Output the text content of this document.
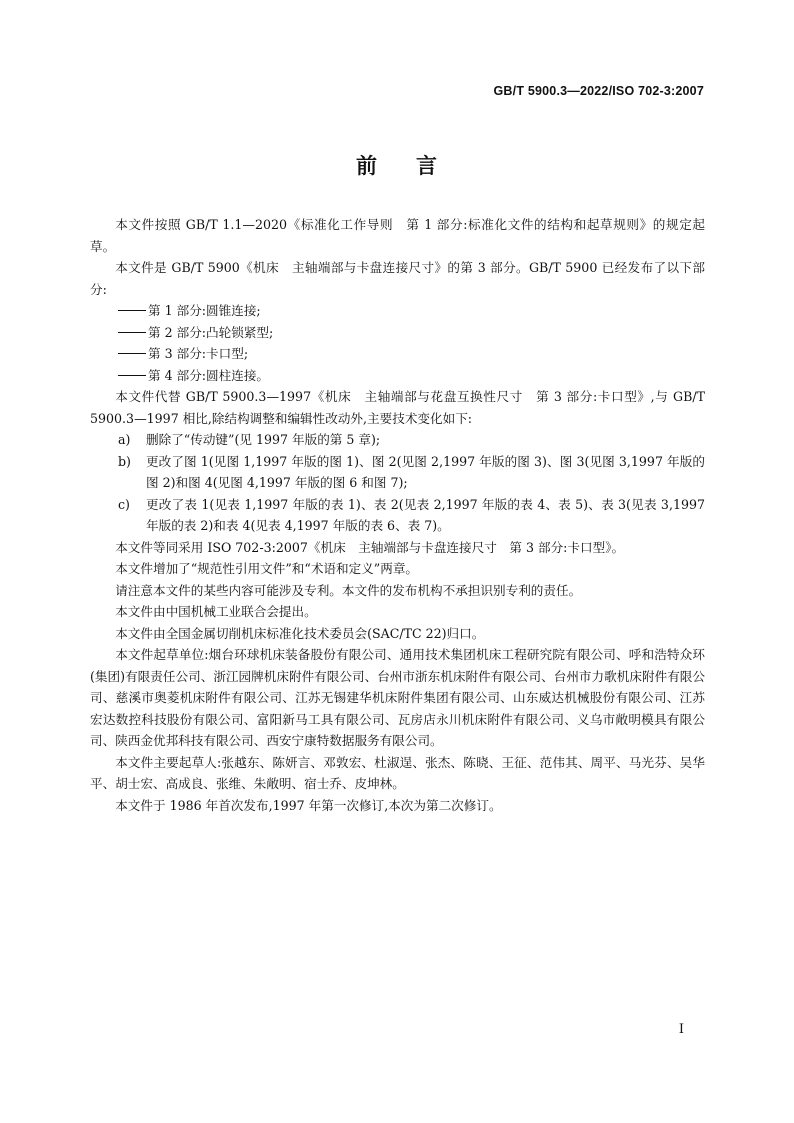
GB/T 5900.3—2022/ISO 702-3:2007
前 言

本文件按照 GB/T 1.1—2020《标准化工作导则　第 1 部分:标准化文件的结构和起草规则》的规定起草。

本文件是 GB/T 5900《机床　主轴端部与卡盘连接尺寸》的第 3 部分。GB/T 5900 已经发布了以下部分:

第 1 部分:圆锥连接;
第 2 部分:凸轮锁紧型;
第 3 部分:卡口型;
第 4 部分:圆柱连接。

本文件代替 GB/T 5900.3—1997《机床　主轴端部与花盘互换性尺寸　第 3 部分:卡口型》,与 GB/T 5900.3—1997 相比,除结构调整和编辑性改动外,主要技术变化如下:

a) 删除了“传动键”(见 1997 年版的第 5 章);
b) 更改了图 1(见图 1,1997 年版的图 1)、图 2(见图 2,1997 年版的图 3)、图 3(见图 3,1997 年版的图 2)和图 4(见图 4,1997 年版的图 6 和图 7);
c) 更改了表 1(见表 1,1997 年版的表 1)、表 2(见表 2,1997 年版的表 4、表 5)、表 3(见表 3,1997 年版的表 2)和表 4(见表 4,1997 年版的表 6、表 7)。

本文件等同采用 ISO 702-3:2007《机床　主轴端部与卡盘连接尺寸　第 3 部分:卡口型》。

本文件增加了“规范性引用文件”和“术语和定义”两章。

请注意本文件的某些内容可能涉及专利。本文件的发布机构不承担识别专利的责任。

本文件由中国机械工业联合会提出。

本文件由全国金属切削机床标准化技术委员会(SAC/TC 22)归口。

本文件起草单位:烟台环球机床装备股份有限公司、通用技术集团机床工程研究院有限公司、呼和浩特众环(集团)有限责任公司、浙江园牌机床附件有限公司、台州市浙东机床附件有限公司、台州市力歌机床附件有限公司、慈溪市奥菱机床附件有限公司、江苏无锡建华机床附件集团有限公司、山东威达机械股份有限公司、江苏宏达数控科技股份有限公司、富阳新马工具有限公司、瓦房店永川机床附件有限公司、义乌市敞明模具有限公司、陕西金优邦科技有限公司、西安宁康特数据服务有限公司。

本文件主要起草人:张越东、陈妍言、邓敦宏、杜淑逞、张杰、陈晓、王征、范伟其、周平、马光芬、吴华平、胡士宏、高成良、张维、朱敞明、宿士乔、皮坤林。

本文件于 1986 年首次发布,1997 年第一次修订,本次为第二次修订。

I
